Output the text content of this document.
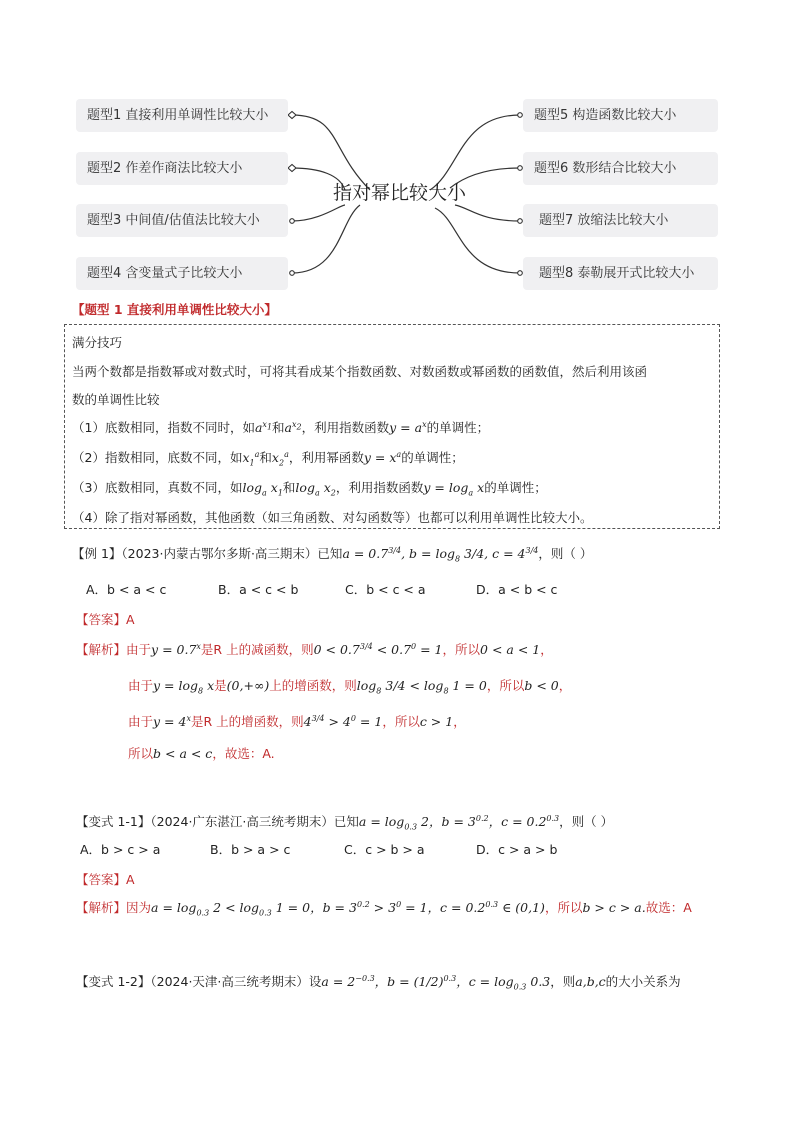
题型1 直接利用单调性比较大小
题型2 作差作商法比较大小
题型3 中间值/估值法比较大小
题型4 含变量式子比较大小
指对幂比较大小
题型5 构造函数比较大小
题型6 数形结合比较大小
题型7 放缩法比较大小
题型8 泰勒展开式比较大小
【题型 1 直接利用单调性比较大小】
满分技巧
当两个数都是指数幂或对数式时，可将其看成某个指数函数、对数函数或幂函数的函数值，然后利用该函
数的单调性比较
（1）底数相同，指数不同时，如$a^{x_1}$和$a^{x_2}$，利用指数函数$y = a^x$的单调性；
（2）指数相同，底数不同，如$x_1^a$和$x_2^a$，利用幂函数$y = x^a$的单调性；
（3）底数相同，真数不同，如$\log_a x_1$和$\log_a x_2$，利用指数函数$y = \log_a x$的单调性；
（4）除了指对幂函数，其他函数（如三角函数、对勾函数等）也都可以利用单调性比较大小。
【例 1】（2023·内蒙古鄂尔多斯·高三期末）已知$a = 0.7^{3/4}$, $b = \log_8 3/4$, $c = 4^{3/4}$，则（ ）
A．b < a < c	B．a < c < b	C．b < c < a	D．a < b < c
【答案】A
【解析】由于$y = 0.7^x$是R 上的减函数，则$0 < 0.7^{3/4} < 0.7^0 = 1$，所以0 < a < 1，
由于$y = \log_8 x$是(0,+∞)上的增函数，则$\log_8 3/4 < \log_8 1 = 0$，所以b < 0，
由于$y = 4^x$是R 上的增函数，则$4^{3/4} > 4^0 = 1$，所以c > 1，
所以b < a < c，故选：A.
【变式 1-1】（2024·广东湛江·高三统考期末）已知$a = \log_{0.3} 2$，$b = 3^{0.2}$，$c = 0.2^{0.3}$，则（ ）
A．b > c > a	B．b > a > c	C．c > b > a	D．c > a > b
【答案】A
【解析】因为$a = \log_{0.3} 2 < \log_{0.3} 1 = 0$，$b = 3^{0.2} > 3^0 = 1$，$c = 0.2^{0.3}$ ∈ (0,1)，所以b > c > a.故选：A
【变式 1-2】（2024·天津·高三统考期末）设$a = 2^{-0.3}$，$b = (1/2)^{0.3}$，$c = \log_{0.3} 0.3$，则a,b,c的大小关系为
